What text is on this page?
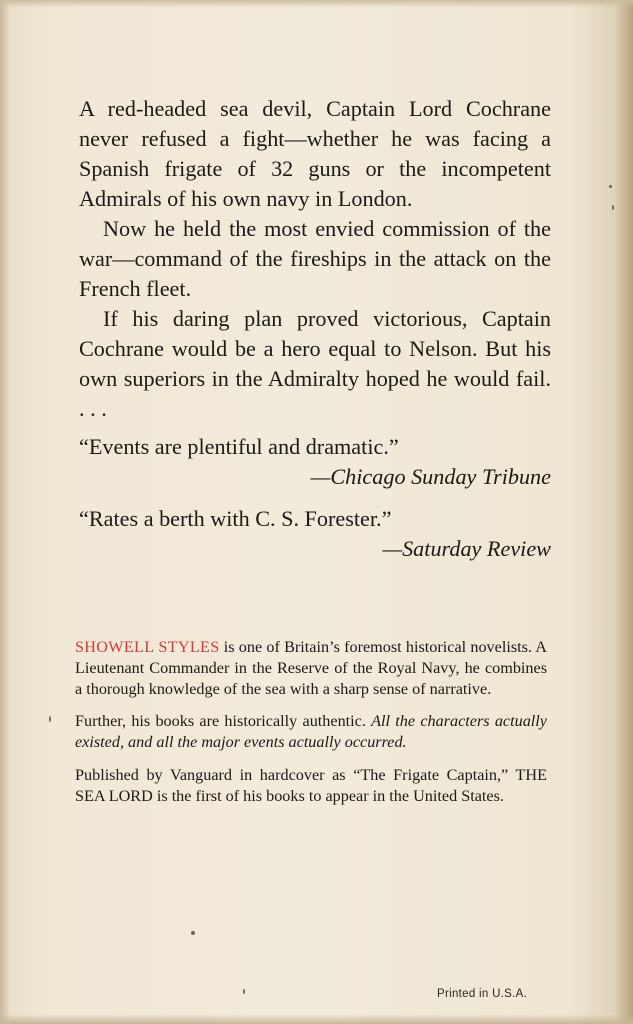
A red-headed sea devil, Captain Lord Cochrane never refused a fight—whether he was facing a Spanish frigate of 32 guns or the incompetent Admirals of his own navy in London.

Now he held the most envied commission of the war—command of the fireships in the attack on the French fleet.

If his daring plan proved victorious, Captain Cochrane would be a hero equal to Nelson. But his own superiors in the Admiralty hoped he would fail. . . .

“Events are plentiful and dramatic.”
—Chicago Sunday Tribune
“Rates a berth with C. S. Forester.”
—Saturday Review

SHOWELL STYLES is one of Britain’s foremost historical novelists. A Lieutenant Commander in the Reserve of the Royal Navy, he combines a thorough knowledge of the sea with a sharp sense of narrative.

Further, his books are historically authentic. All the characters actually existed, and all the major events actually occurred.

Published by Vanguard in hardcover as “The Frigate Captain,” THE SEA LORD is the first of his books to appear in the United States.

Printed in U.S.A.
